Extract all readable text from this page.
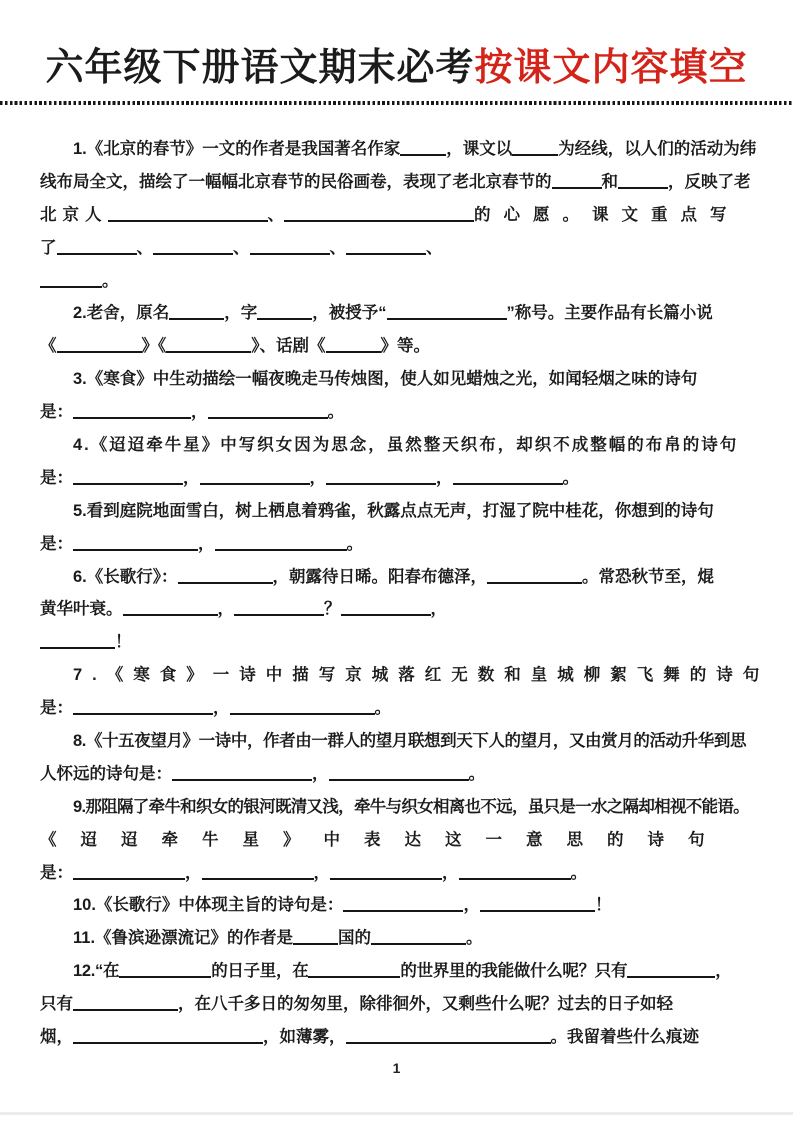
六年级下册语文期末必考按课文内容填空
1.《北京的春节》一文的作者是我国著名作家	，课文以	为经线，以人们的活动为纬
线布局全文，描绘了一幅幅北京春节的民俗画卷，表现了老北京春节的	和	，反映了老
北京人	、	的心愿。课文重点写
了	、	、	、	、
。
2.老舍，原名	，字	，被授予“	”称号。主要作品有长篇小说
《	》《	》、话剧《	》等。
3.《寒食》中生动描绘一幅夜晚走马传烛图，使人如见蜡烛之光，如闻轻烟之味的诗句
是：	，	。
4.《迢迢牵牛星》中写织女因为思念，虽然整天织布，却织不成整幅的布帛的诗句
是：	，	，	，	。
5.看到庭院地面雪白，树上栖息着鸦雀，秋露点点无声，打湿了院中桂花，你想到的诗句
是：	，	。
6.《长歌行》：	，朝露待日晞。阳春布德泽，	。常恐秋节至，焜
黄华叶衰。	，	？	，
！
7.《寒食》一诗中描写京城落红无数和皇城柳絮飞舞的诗句
是：	，	。
8.《十五夜望月》一诗中，作者由一群人的望月联想到天下人的望月，又由赏月的活动升华到思
人怀远的诗句是：	，	。
9.那阻隔了牵牛和织女的银河既清又浅，牵牛与织女相离也不远，虽只是一水之隔却相视不能语。
《迢迢牵牛星》中表达这一意思的诗句
是：	，	，	，	。
10.《长歌行》中体现主旨的诗句是：	，	！
11.《鲁滨逊漂流记》的作者是	国的	。
12.“在	的日子里，在	的世界里的我能做什么呢？只有	，
只有	，在八千多日的匆匆里，除徘徊外，又剩些什么呢？过去的日子如轻
烟，	，如薄雾，	。我留着些什么痕迹
1
